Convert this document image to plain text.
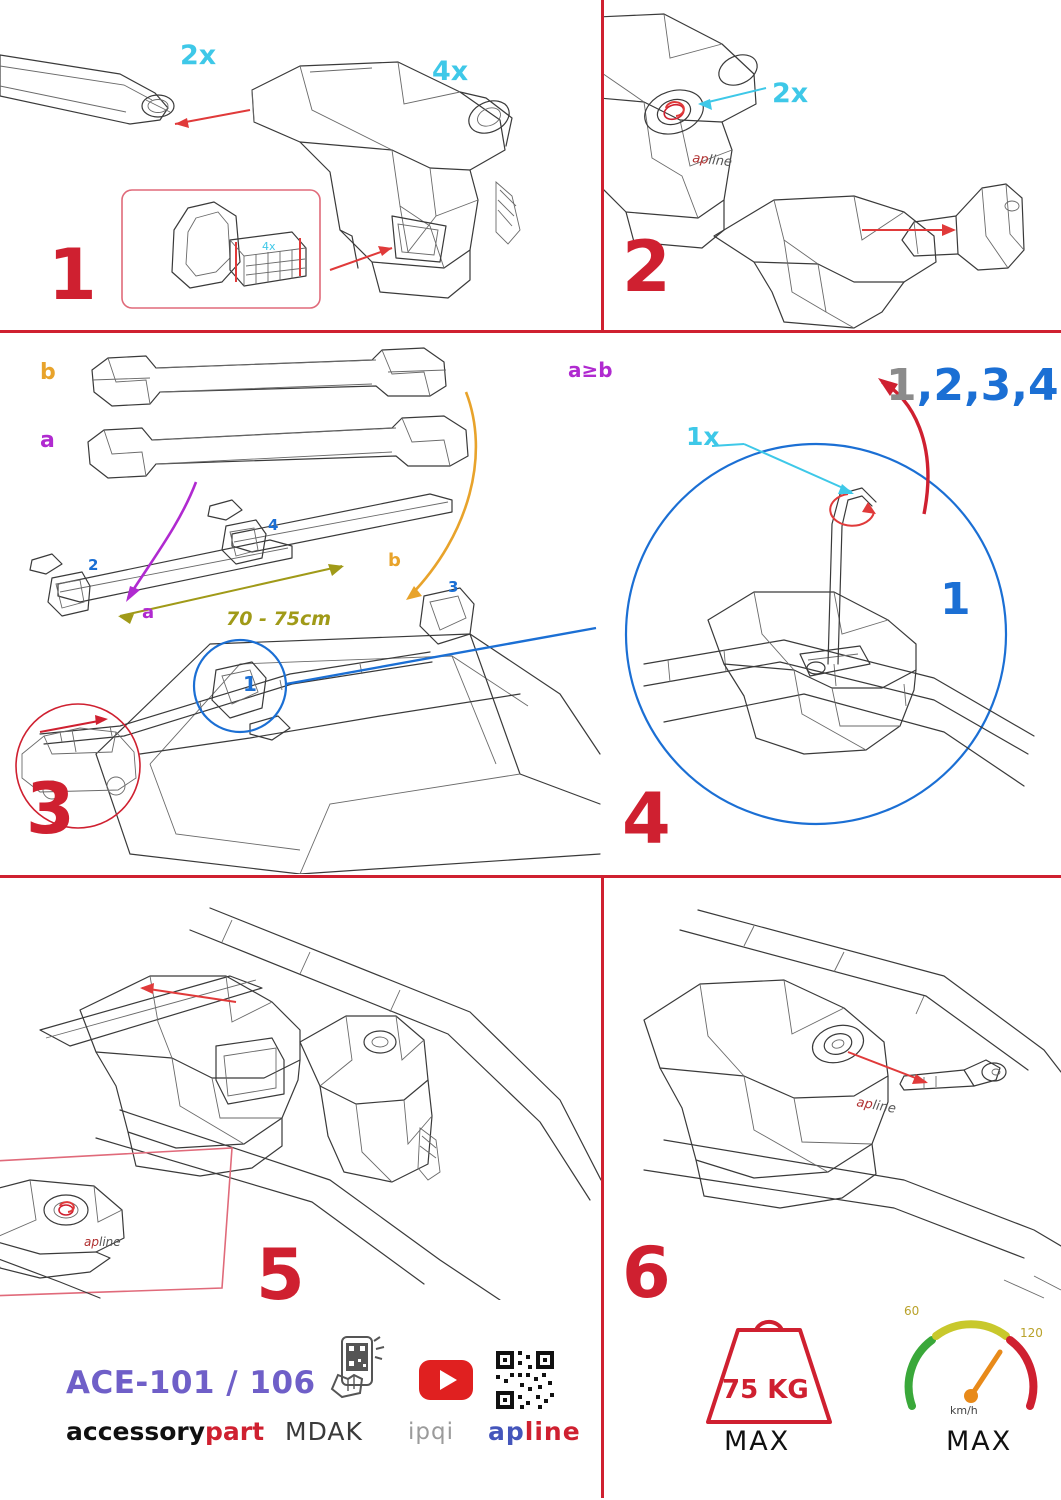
4x
2x
4x
1
apline
2x
2
b
a
a
b
70 - 75cm
1
2
3
4
3
a≥b
1x
1,2,3,4
1
4
apline 5
apline
6
ACE-101 / 106
accessorypart MDAK ipqi apline
75 KG
MAX
60
120
km/h
MAX
